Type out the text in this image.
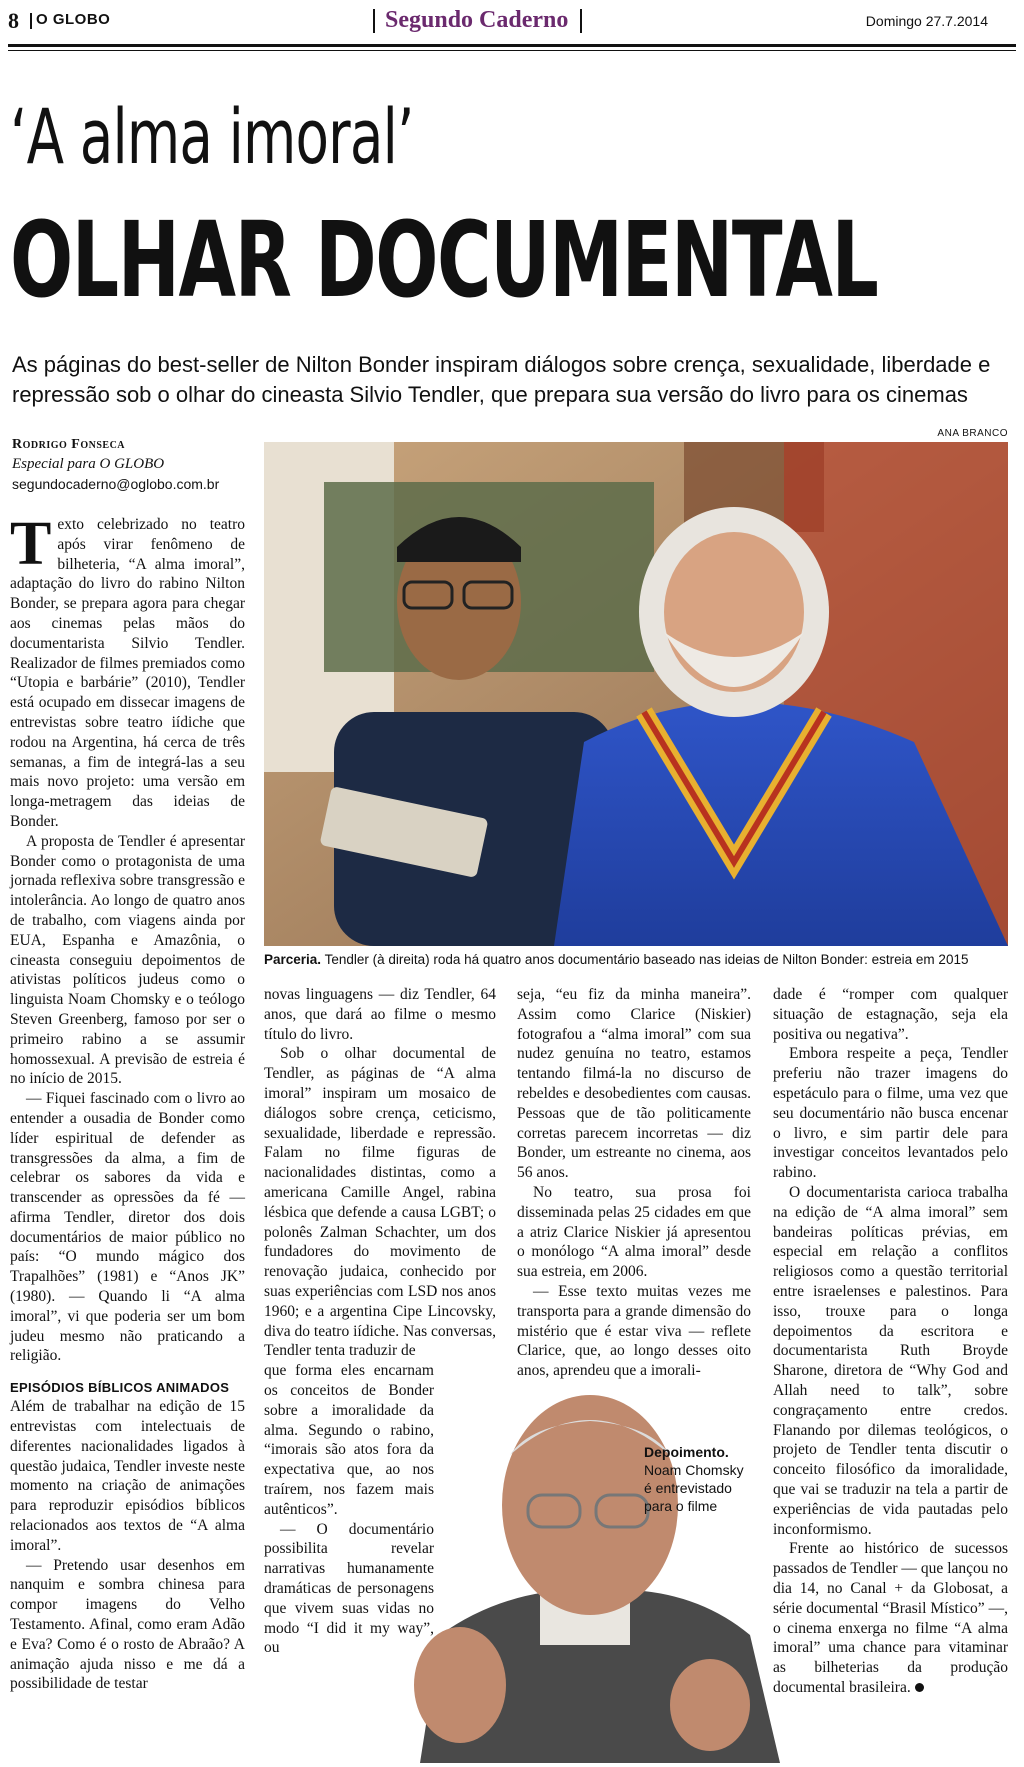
8 O GLOBO	Segundo Caderno	Domingo 27.7.2014
‘A alma imoral’
OLHAR DOCUMENTAL
As páginas do best-seller de Nilton Bonder inspiram diálogos sobre crença, sexualidade, liberdade e repressão sob o olhar do cineasta Silvio Tendler, que prepara sua versão do livro para os cinemas
Rodrigo Fonseca
Especial para O GLOBO
segundocaderno@oglobo.com.br
ANA BRANCO
Parceria. Tendler (à direita) roda há quatro anos documentário baseado nas ideias de Nilton Bonder: estreia em 2015

Texto celebrizado no teatro após virar fenômeno de bilheteria, “A alma imoral”, adaptação do livro do rabino Nilton Bonder, se prepara agora para chegar aos cinemas pelas mãos do documentarista Silvio Tendler. Realizador de filmes premiados como “Utopia e barbárie” (2010), Tendler está ocupado em dissecar imagens de entrevistas sobre teatro iídiche que rodou na Argentina, há cerca de três semanas, a fim de integrá-las a seu mais novo projeto: uma versão em longa-metragem das ideias de Bonder.

A proposta de Tendler é apresentar Bonder como o protagonista de uma jornada reflexiva sobre transgressão e intolerância. Ao longo de quatro anos de trabalho, com viagens ainda por EUA, Espanha e Amazônia, o cineasta conseguiu depoimentos de ativistas políticos judeus como o linguista Noam Chomsky e o teólogo Steven Greenberg, famoso por ser o primeiro rabino a se assumir homossexual. A previsão de estreia é no início de 2015.

— Fiquei fascinado com o livro ao entender a ousadia de Bonder como líder espiritual de defender as transgressões da alma, a fim de celebrar os sabores da vida e transcender as opressões da fé — afirma Tendler, diretor dos dois documentários de maior público no país: “O mundo mágico dos Trapalhões” (1981) e “Anos JK” (1980). — Quando li “A alma imoral”, vi que poderia ser um bom judeu mesmo não praticando a religião.

EPISÓDIOS BÍBLICOS ANIMADOS

Além de trabalhar na edição de 15 entrevistas com intelectuais de diferentes nacionalidades ligados à questão judaica, Tendler investe neste momento na criação de animações para reproduzir episódios bíblicos relacionados aos textos de “A alma imoral”.

— Pretendo usar desenhos em nanquim e sombra chinesa para compor imagens do Velho Testamento. Afinal, como eram Adão e Eva? Como é o rosto de Abraão? A animação ajuda nisso e me dá a possibilidade de testar

novas linguagens — diz Tendler, 64 anos, que dará ao filme o mesmo título do livro.

Sob o olhar documental de Tendler, as páginas de “A alma imoral” inspiram um mosaico de diálogos sobre crença, ceticismo, sexualidade, liberdade e repressão. Falam no filme figuras de nacionalidades distintas, como a americana Camille Angel, rabina lésbica que defende a causa LGBT; o polonês Zalman Schachter, um dos fundadores do movimento de renovação judaica, conhecido por suas experiências com LSD nos anos 1960; e a argentina Cipe Lincovsky, diva do teatro iídiche. Nas conversas, Tendler tenta traduzir de

que forma eles encarnam os conceitos de Bonder sobre a imoralidade da alma. Segundo o rabino, “imorais são atos fora da expectativa que, ao nos traírem, nos fazem mais autênticos”.

— O documentário possibilita revelar narrativas humanamente dramáticas de personagens que vivem suas vidas no modo “I did it my way”, ou

seja, “eu fiz da minha maneira”. Assim como Clarice (Niskier) fotografou a “alma imoral” com sua nudez genuína no teatro, estamos tentando filmá-la no discurso de rebeldes e desobedientes com causas. Pessoas que de tão politicamente corretas parecem incorretas — diz Bonder, um estreante no cinema, aos 56 anos.

No teatro, sua prosa foi disseminada pelas 25 cidades em que a atriz Clarice Niskier já apresentou o monólogo “A alma imoral” desde sua estreia, em 2006.

— Esse texto muitas vezes me transporta para a grande dimensão do mistério que é estar viva — reflete Clarice, que, ao longo desses oito anos, aprendeu que a imorali-

dade é “romper com qualquer situação de estagnação, seja ela positiva ou negativa”.

Embora respeite a peça, Tendler preferiu não trazer imagens do espetáculo para o filme, uma vez que seu documentário não busca encenar o livro, e sim partir dele para investigar conceitos levantados pelo rabino.

O documentarista carioca trabalha na edição de “A alma imoral” sem bandeiras políticas prévias, em especial em relação a conflitos religiosos como a questão territorial entre israelenses e palestinos. Para isso, trouxe para o longa depoimentos da escritora e documentarista Ruth Broyde Sharone, diretora de “Why God and Allah need to talk”, sobre congraçamento entre credos. Flanando por dilemas teológicos, o projeto de Tendler tenta discutir o conceito filosófico da imoralidade, que vai se traduzir na tela a partir de experiências de vida pautadas pelo inconformismo.

Frente ao histórico de sucessos passados de Tendler — que lançou no dia 14, no Canal + da Globosat, a série documental “Brasil Místico” —, o cinema enxerga no filme “A alma imoral” uma chance para vitaminar as bilheterias da produção documental brasileira.

Depoimento.
Noam Chomsky é entrevistado para o filme
